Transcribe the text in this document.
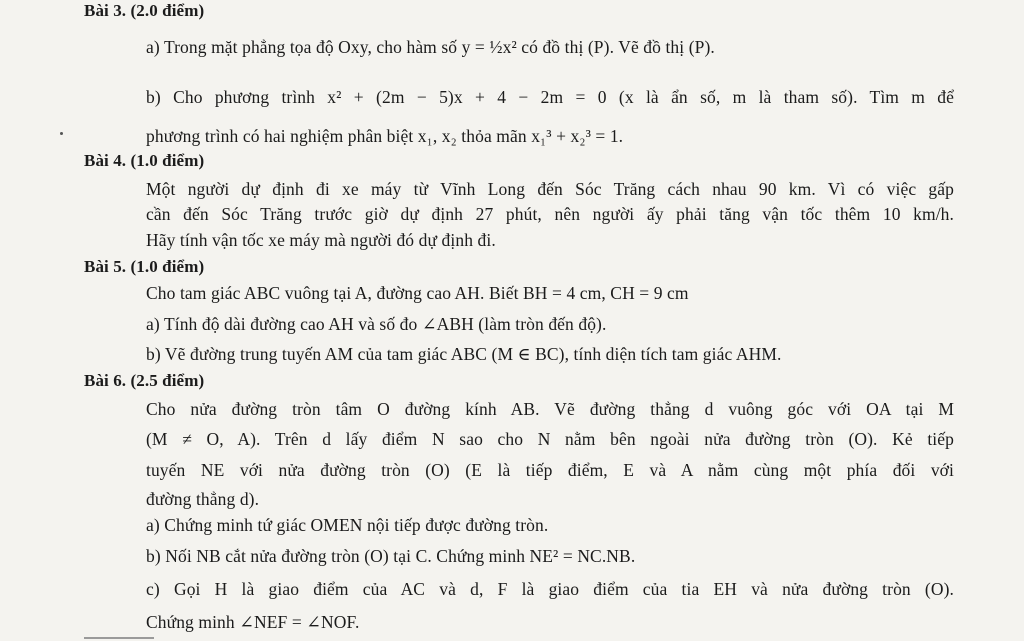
Bài 3. (2.0 điểm)
a) Trong mặt phẳng tọa độ Oxy, cho hàm số y = ½x² có đồ thị (P). Vẽ đồ thị (P).
b) Cho phương trình x² + (2m − 5)x + 4 − 2m = 0 (x là ẩn số, m là tham số). Tìm m để
phương trình có hai nghiệm phân biệt x₁, x₂ thỏa mãn x₁³ + x₂³ = 1.
Bài 4. (1.0 điểm)
Một người dự định đi xe máy từ Vĩnh Long đến Sóc Trăng cách nhau 90 km. Vì có việc gấp
cần đến Sóc Trăng trước giờ dự định 27 phút, nên người ấy phải tăng vận tốc thêm 10 km/h.
Hãy tính vận tốc xe máy mà người đó dự định đi.
Bài 5. (1.0 điểm)
Cho tam giác ABC vuông tại A, đường cao AH. Biết BH = 4 cm, CH = 9 cm
a) Tính độ dài đường cao AH và số đo ∠ABH (làm tròn đến độ).
b) Vẽ đường trung tuyến AM của tam giác ABC (M ∈ BC), tính diện tích tam giác AHM.
Bài 6. (2.5 điểm)
Cho nửa đường tròn tâm O đường kính AB. Vẽ đường thẳng d vuông góc với OA tại M
(M ≠ O, A). Trên d lấy điểm N sao cho N nằm bên ngoài nửa đường tròn (O). Kẻ tiếp
tuyến NE với nửa đường tròn (O) (E là tiếp điểm, E và A nằm cùng một phía đối với
đường thẳng d).
a) Chứng minh tứ giác OMEN nội tiếp được đường tròn.
b) Nối NB cắt nửa đường tròn (O) tại C. Chứng minh NE² = NC.NB.
c) Gọi H là giao điểm của AC và d, F là giao điểm của tia EH và nửa đường tròn (O).
Chứng minh ∠NEF = ∠NOF.
